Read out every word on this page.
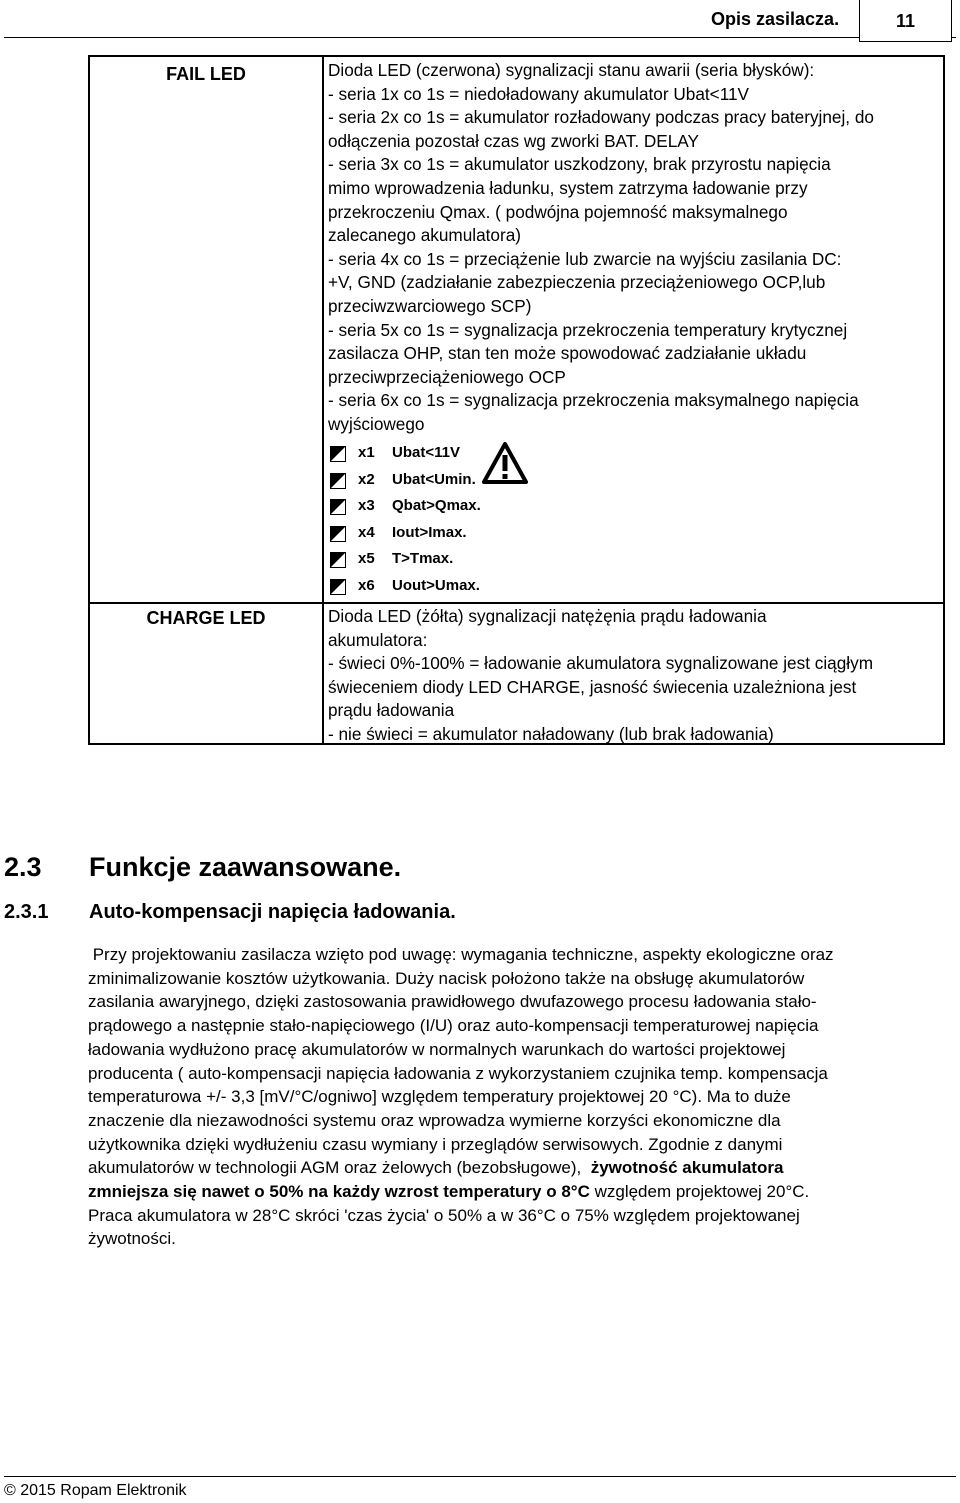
Opis zasilacza.	11
FAIL LED	Dioda LED (czerwona) sygnalizacji stanu awarii (seria błysków):
- seria 1x co 1s = niedoładowany akumulator Ubat<11V
- seria 2x co 1s = akumulator rozładowany podczas pracy bateryjnej, do
odłączenia pozostał czas wg zworki BAT. DELAY
- seria 3x co 1s = akumulator uszkodzony, brak przyrostu napięcia
mimo wprowadzenia ładunku, system zatrzyma ładowanie przy
przekroczeniu Qmax. ( podwójna pojemność maksymalnego
zalecanego akumulatora)
- seria 4x co 1s = przeciążenie lub zwarcie na wyjściu zasilania DC:
+V, GND (zadziałanie zabezpieczenia przeciążeniowego OCP,lub
przeciwzwarciowego SCP)
- seria 5x co 1s = sygnalizacja przekroczenia temperatury krytycznej
zasilacza OHP, stan ten może spowodować zadziałanie układu
przeciwprzeciążeniowego OCP
- seria 6x co 1s = sygnalizacja przekroczenia maksymalnego napięcia
wyjściowego
x1 Ubat<11V
x2 Ubat<Umin.
x3 Qbat>Qmax.
x4 Iout>Imax.
x5 T>Tmax.
x6 Uout>Umax.
CHARGE LED	Dioda LED (żółta) sygnalizacji natężęnia prądu ładowania
akumulatora:
- świeci 0%-100% = ładowanie akumulatora sygnalizowane jest ciągłym
świeceniem diody LED CHARGE, jasność świecenia uzależniona jest
prądu ładowania
- nie świeci = akumulator naładowany (lub brak ładowania)
2.3 Funkcje zaawansowane.
2.3.1 Auto-kompensacji napięcia ładowania.
Przy projektowaniu zasilacza wzięto pod uwagę: wymagania techniczne, aspekty ekologiczne oraz
zminimalizowanie kosztów użytkowania. Duży nacisk położono także na obsługę akumulatorów
zasilania awaryjnego, dzięki zastosowania prawidłowego dwufazowego procesu ładowania stało-
prądowego a następnie stało-napięciowego (I/U) oraz auto-kompensacji temperaturowej napięcia
ładowania wydłużono pracę akumulatorów w normalnych warunkach do wartości projektowej
producenta ( auto-kompensacji napięcia ładowania z wykorzystaniem czujnika temp. kompensacja
temperaturowa +/- 3,3 [mV/°C/ogniwo] względem temperatury projektowej 20 °C). Ma to duże
znaczenie dla niezawodności systemu oraz wprowadza wymierne korzyści ekonomiczne dla
użytkownika dzięki wydłużeniu czasu wymiany i przeglądów serwisowych. Zgodnie z danymi
akumulatorów w technologii AGM oraz żelowych (bezobsługowe),  żywotność akumulatora
zmniejsza się nawet o 50% na każdy wzrost temperatury o 8°C względem projektowej 20°C.
Praca akumulatora w 28°C skróci 'czas życia' o 50% a w 36°C o 75% względem projektowanej
żywotności.
© 2015 Ropam Elektronik
